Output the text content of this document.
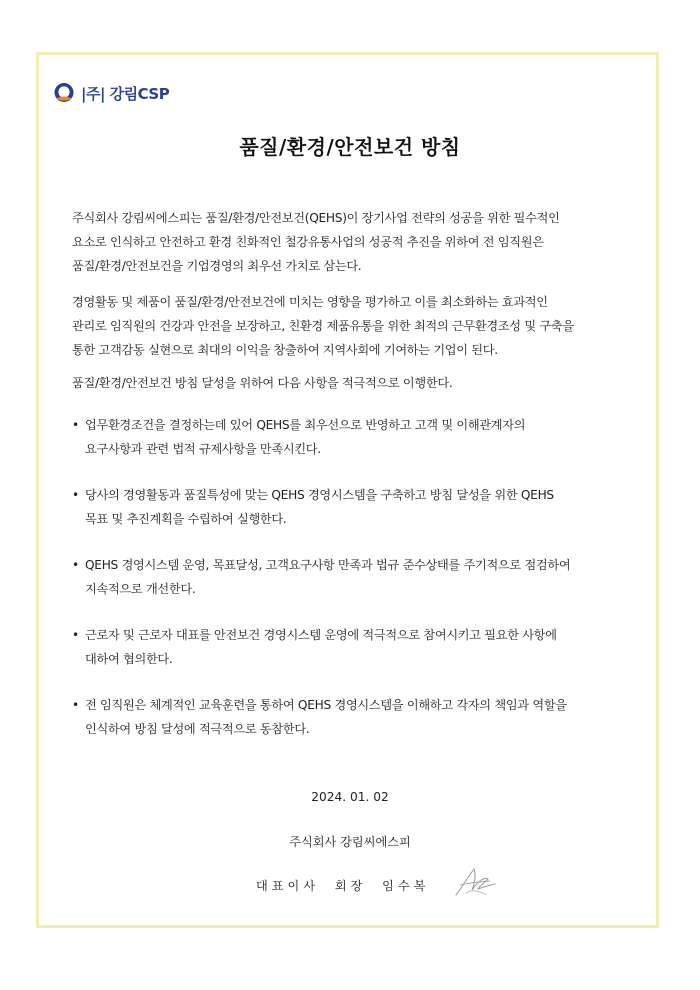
|주| 강림CSP
품질/환경/안전보건 방침

주식회사 강림씨에스피는 품질/환경/안전보건(QEHS)이 장기사업 전략의 성공을 위한 필수적인
요소로 인식하고 안전하고 환경 친화적인 철강유통사업의 성공적 추진을 위하여 전 임직원은
품질/환경/안전보건을 기업경영의 최우선 가치로 삼는다.

경영활동 및 제품이 품질/환경/안전보건에 미치는 영향을 평가하고 이를 최소화하는 효과적인
관리로 임직원의 건강과 안전을 보장하고, 친환경 제품유통을 위한 최적의 근무환경조성 및 구축을
통한 고객감동 실현으로 최대의 이익을 창출하여 지역사회에 기여하는 기업이 된다.

품질/환경/안전보건 방침 달성을 위하여 다음 사항을 적극적으로 이행한다.

• 업무환경조건을 결정하는데 있어 QEHS를 최우선으로 반영하고 고객 및 이해관계자의
요구사항과 관련 법적 규제사항을 만족시킨다.
• 당사의 경영활동과 품질특성에 맞는 QEHS 경영시스템을 구축하고 방침 달성을 위한 QEHS
목표 및 추진계획을 수립하여 실행한다.
• QEHS 경영시스템 운영, 목표달성, 고객요구사항 만족과 법규 준수상태를 주기적으로 점검하여
지속적으로 개선한다.
• 근로자 및 근로자 대표를 안전보건 경영시스템 운영에 적극적으로 참여시키고 필요한 사항에
대하여 협의한다.
• 전 임직원은 체계적인 교육훈련을 통하여 QEHS 경영시스템을 이해하고 각자의 책임과 역할을
인식하여 방침 달성에 적극적으로 동참한다.

2024. 01. 02

주식회사 강림씨에스피

대표이사  회장  임수복
